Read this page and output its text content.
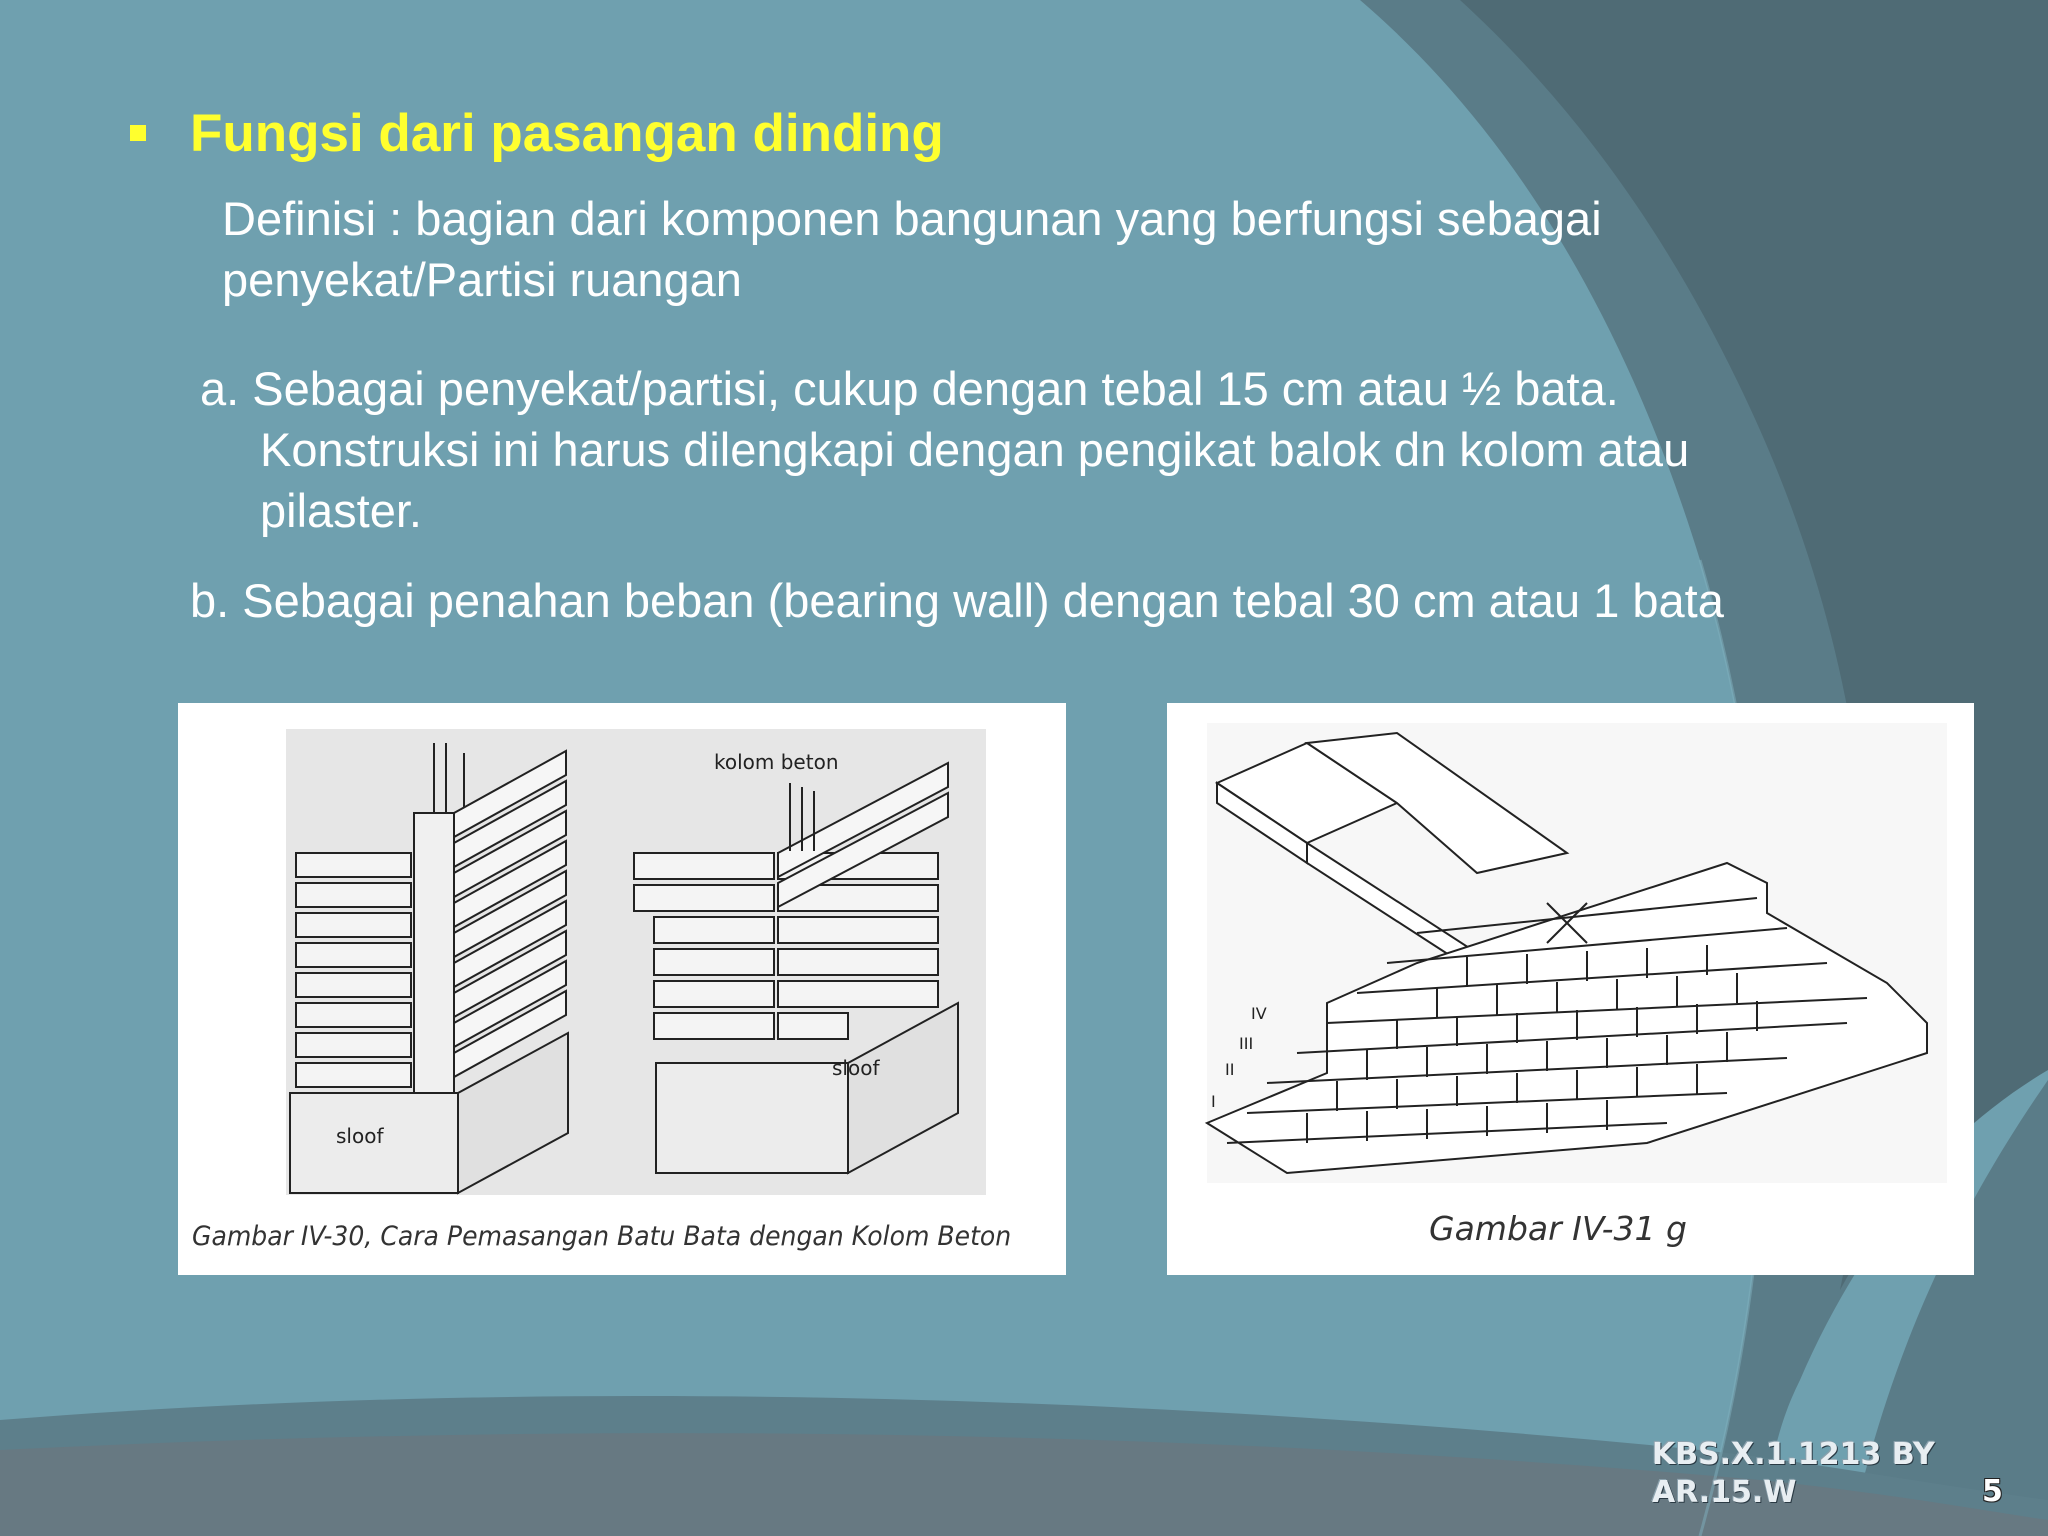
Fungsi dari pasangan dinding
Definisi : bagian dari komponen bangunan yang berfungsi sebagai penyekat/Partisi ruangan
a. Sebagai penyekat/partisi, cukup dengan tebal 15 cm atau ½ bata.
Konstruksi ini harus dilengkapi dengan pengikat balok dn kolom atau pilaster.
b. Sebagai penahan beban (bearing wall) dengan tebal 30 cm atau 1 bata
kolom beton
sloof
sloof
Gambar IV-30, Cara Pemasangan Batu Bata dengan Kolom Beton
IV
III
II
I
Gambar IV-31 g
KBS.X.1.1213 BY
AR.15.W	5
